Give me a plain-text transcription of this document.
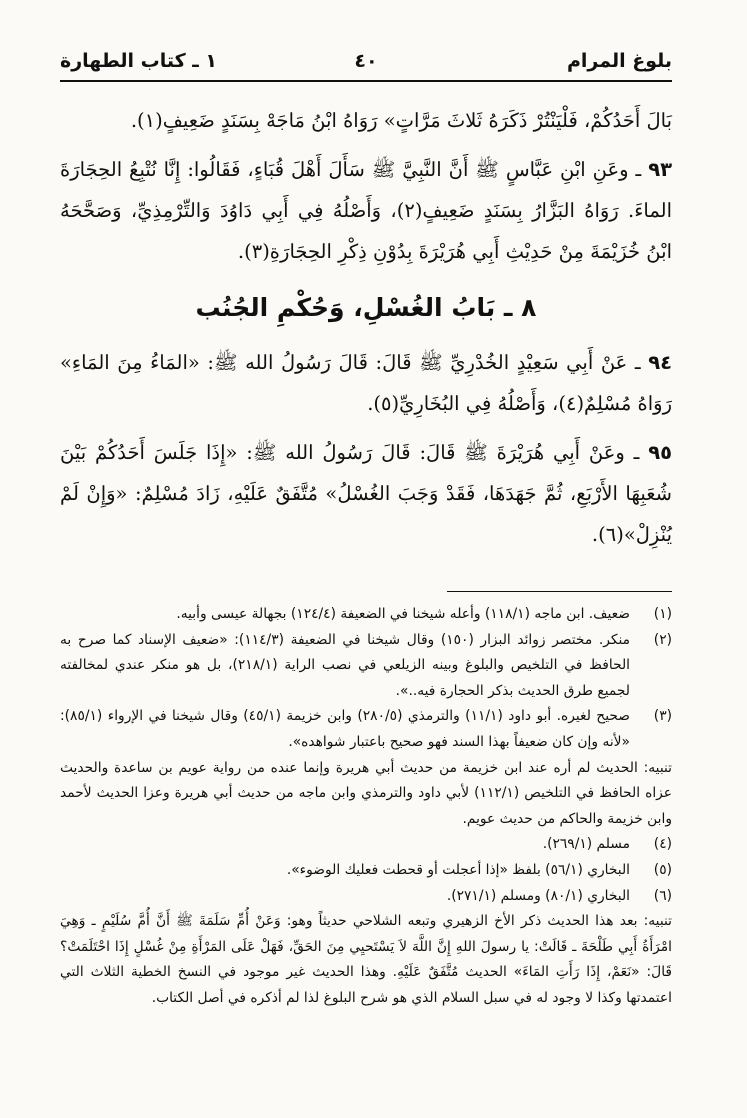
بلوغ المرام
٤٠
١ ـ كتاب الطهارة

بَالَ أَحَدُكُمْ، فَلْيَنْتُرْ ذَكَرَهُ ثَلاثَ مَرَّاتٍ» رَوَاهُ ابْنُ مَاجَهْ بِسَنَدٍ ضَعِيفٍ(١).

٩٣ ـ وعَنِ ابْنِ عَبَّاسٍ ﷺ أَنَّ النَّبِيَّ ﷺ سَأَلَ أَهْلَ قُبَاءٍ، فَقَالُوا: إِنَّا نُتْبِعُ الحِجَارَةَ الماءَ. رَوَاهُ البَزَّارُ بِسَنَدٍ ضَعِيفٍ(٢)، وَأَصْلُهُ فِي أَبِي دَاوُدَ وَالتِّرْمِذِيِّ، وَصَحَّحَهُ ابْنُ خُزَيْمَةَ مِنْ حَدِيْثِ أَبِي هُرَيْرَةَ بِدُوْنِ ذِكْرِ الحِجَارَةِ(٣).

٨ ـ بَابُ الغُسْلِ، وَحُكْمِ الجُنُب

٩٤ ـ عَنْ أَبِي سَعِيْدٍ الخُدْرِيِّ ﷺ قَالَ: قَالَ رَسُولُ الله ﷺ: «المَاءُ مِنَ المَاءِ» رَوَاهُ مُسْلِمٌ(٤)، وَأَصْلُهُ فِي البُخَارِيِّ(٥).

٩٥ ـ وعَنْ أَبِي هُرَيْرَةَ ﷺ قَالَ: قَالَ رَسُولُ الله ﷺ: «إِذَا جَلَسَ أَحَدُكُمْ بَيْنَ شُعَبِهَا الأَرْبَعِ، ثُمَّ جَهَدَهَا، فَقَدْ وَجَبَ الغُسْلُ» مُتَّفَقٌ عَلَيْهِ، زَادَ مُسْلِمٌ: «وَإِنْ لَمْ يُنْزِلْ»(٦).

(١)
ضعيف. ابن ماجه (١١٨/١) وأعله شيخنا في الضعيفة (١٢٤/٤) بجهالة عيسى وأبيه.
(٢)
منكر. مختصر زوائد البزار (١٥٠) وقال شيخنا في الضعيفة (١١٤/٣): «ضعيف الإسناد كما صرح به الحافظ في التلخيص والبلوغ وبينه الزيلعي في نصب الراية (٢١٨/١)، بل هو منكر عندي لمخالفته لجميع طرق الحديث بذكر الحجارة فيه..».
(٣)
صحيح لغيره. أبو داود (١١/١) والترمذي (٢٨٠/٥) وابن خزيمة (٤٥/١) وقال شيخنا في الإرواء (٨٥/١): «لأنه وإن كان ضعيفاً بهذا السند فهو صحيح باعتبار شواهده».
تنبيه: الحديث لم أره عند ابن خزيمة من حديث أبي هريرة وإنما عنده من رواية عويم بن ساعدة والحديث عزاه الحافظ في التلخيص (١١٢/١) لأبي داود والترمذي وابن ماجه من حديث أبي هريرة وعزا الحديث لأحمد وابن خزيمة والحاكم من حديث عويم.
(٤)
مسلم (٢٦٩/١).
(٥)
البخاري (٥٦/١) بلفظ «إذا أعجلت أو قحطت فعليك الوضوء».
(٦)
البخاري (٨٠/١) ومسلم (٢٧١/١).
تنبيه: بعد هذا الحديث ذكر الأخ الزهيري وتبعه الشلاحي حديثاً وهو: وَعَنْ أُمِّ سَلَمَةَ ﷺ أَنَّ أُمَّ سُلَيْمٍ ـ وَهِيَ امْرَأَةُ أَبِي طَلْحَةَ ـ قَالَتْ: يا رسولَ اللهِ إِنَّ اللَّهَ لاَ يَسْتَحيِي مِنَ الحَقِّ، فَهَلْ عَلَى المَرْأَةِ مِنْ غُسْلٍ إِذَا احْتَلَمَتْ؟ قَالَ: «نَعَمْ، إِذَا رَأَتِ المَاءَ» الحديث مُتَّفَقٌ عَلَيْهِ. وهذا الحديث غير موجود في النسخ الخطية الثلاث التي اعتمدتها وكذا لا وجود له في سبل السلام الذي هو شرح البلوغ لذا لم أذكره في أصل الكتاب.
